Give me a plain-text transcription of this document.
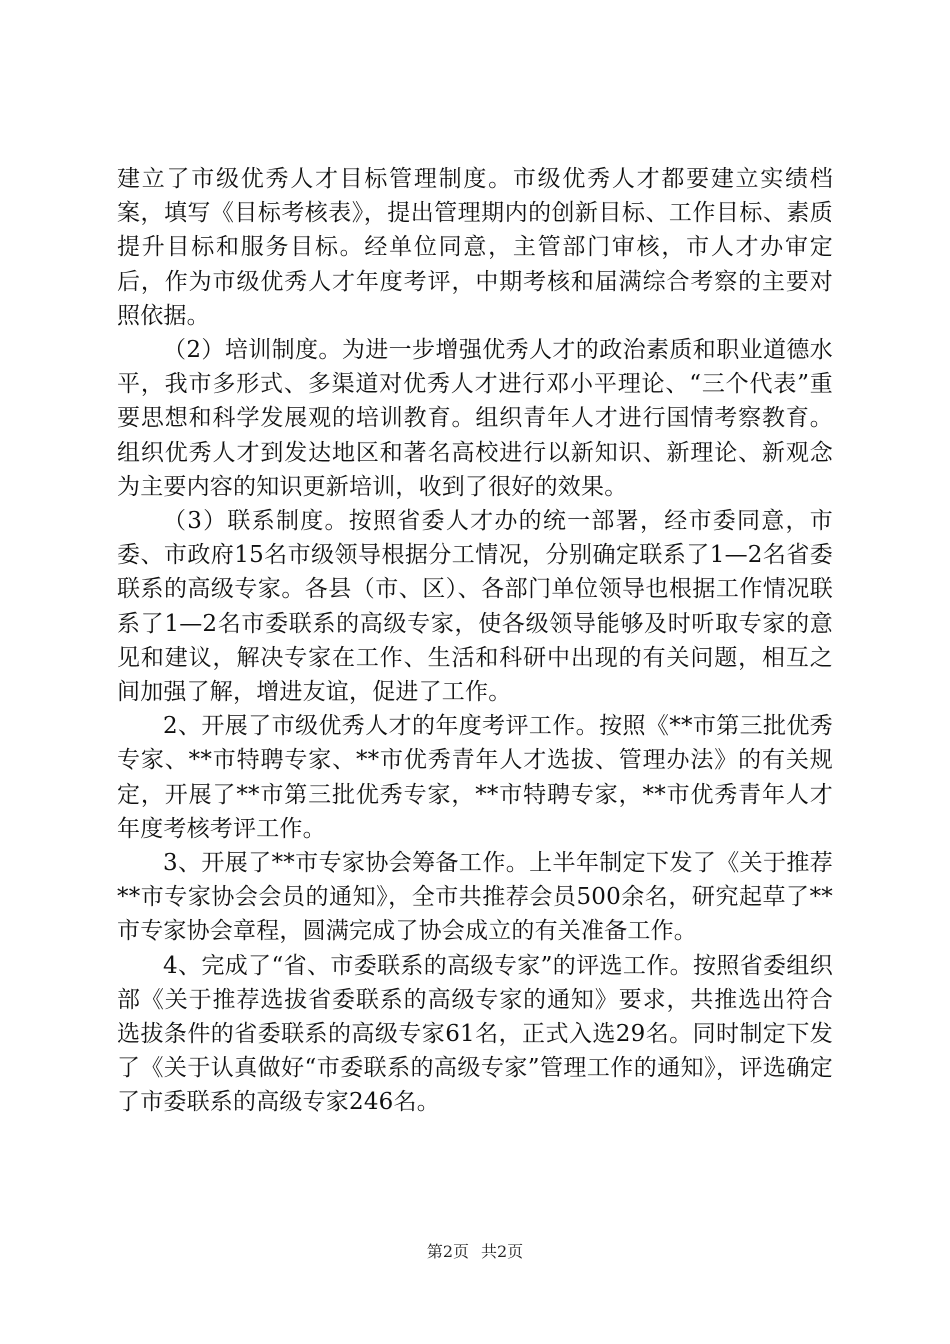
建立了市级优秀人才目标管理制度。市级优秀人才都要建立实绩档案，填写《目标考核表》，提出管理期内的创新目标、工作目标、素质提升目标和服务目标。经单位同意，主管部门审核，市人才办审定后，作为市级优秀人才年度考评，中期考核和届满综合考察的主要对照依据。

（2）培训制度。为进一步增强优秀人才的政治素质和职业道德水平，我市多形式、多渠道对优秀人才进行邓小平理论、“三个代表”重要思想和科学发展观的培训教育。组织青年人才进行国情考察教育。组织优秀人才到发达地区和著名高校进行以新知识、新理论、新观念为主要内容的知识更新培训，收到了很好的效果。

（3）联系制度。按照省委人才办的统一部署，经市委同意，市委、市政府15名市级领导根据分工情况，分别确定联系了1—2名省委联系的高级专家。各县（市、区）、各部门单位领导也根据工作情况联系了1—2名市委联系的高级专家，使各级领导能够及时听取专家的意见和建议，解决专家在工作、生活和科研中出现的有关问题，相互之间加强了解，增进友谊，促进了工作。

2、开展了市级优秀人才的年度考评工作。按照《**市第三批优秀专家、**市特聘专家、**市优秀青年人才选拔、管理办法》的有关规定，开展了**市第三批优秀专家，**市特聘专家，**市优秀青年人才年度考核考评工作。

3、开展了**市专家协会筹备工作。上半年制定下发了《关于推荐**市专家协会会员的通知》，全市共推荐会员500余名，研究起草了**市专家协会章程，圆满完成了协会成立的有关准备工作。

4、完成了“省、市委联系的高级专家”的评选工作。按照省委组织部《关于推荐选拔省委联系的高级专家的通知》要求，共推选出符合选拔条件的省委联系的高级专家61名，正式入选29名。同时制定下发了《关于认真做好“市委联系的高级专家”管理工作的通知》，评选确定了市委联系的高级专家246名。

第2页 共2页
